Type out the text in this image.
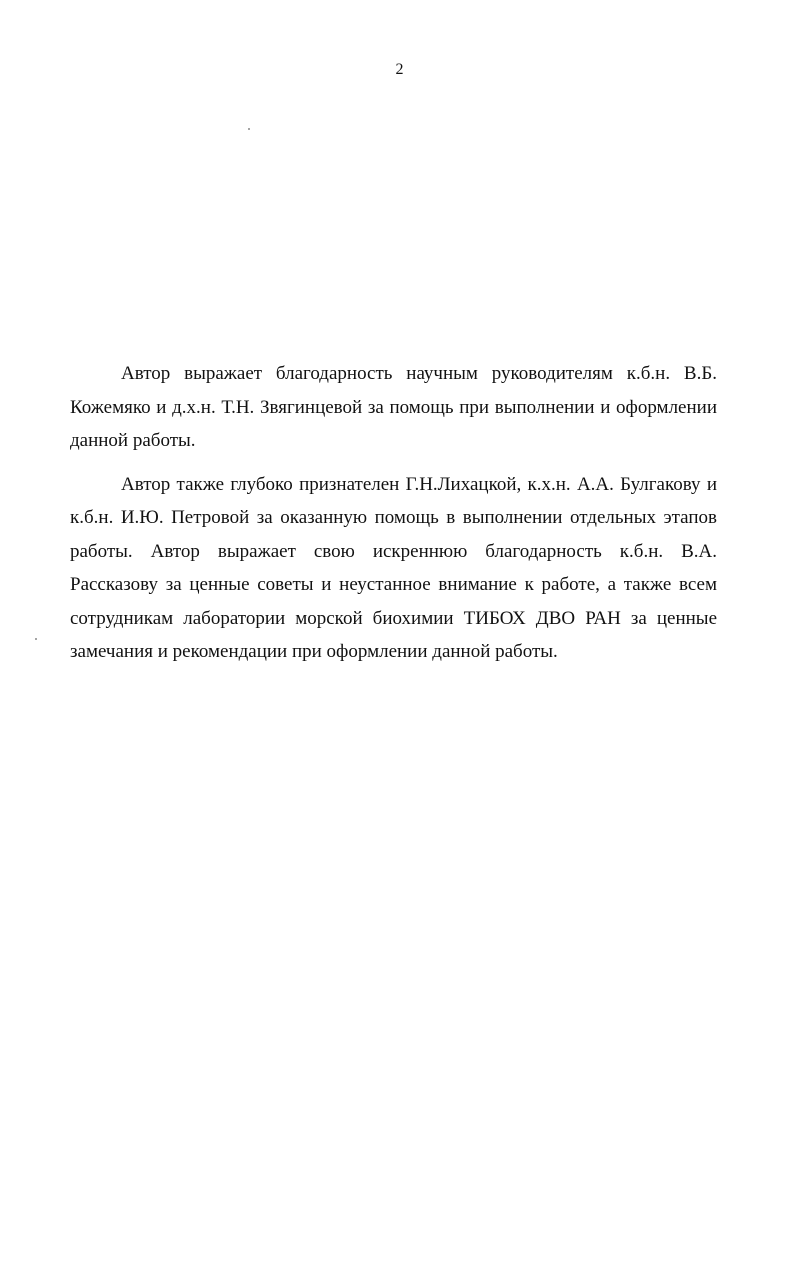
2

Автор выражает благодарность научным руководителям к.б.н. В.Б. Кожемяко и д.х.н. Т.Н. Звягинцевой за помощь при выполнении и оформлении данной работы.

Автор также глубоко признателен Г.Н.Лихацкой, к.х.н. А.А. Булгакову и к.б.н. И.Ю. Петровой за оказанную помощь в выполнении отдельных этапов работы. Автор выражает свою искреннюю благодарность к.б.н. В.А. Рассказову за ценные советы и неустанное внимание к работе, а также всем сотрудникам лаборатории морской биохимии ТИБОХ ДВО РАН за ценные замечания и рекомендации при оформлении данной работы.
